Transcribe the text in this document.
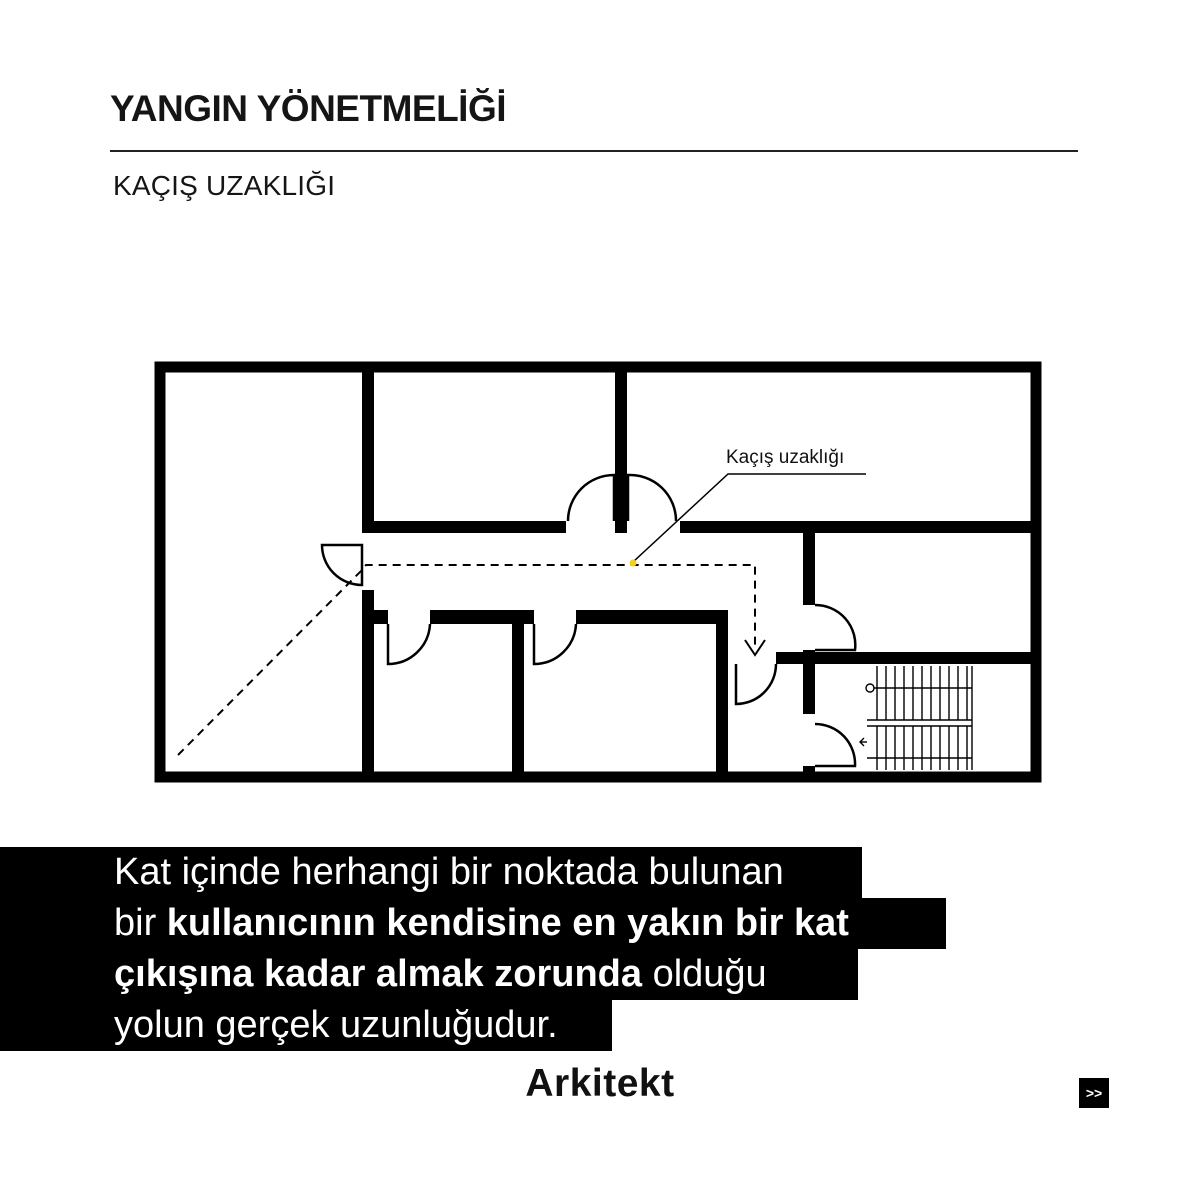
YANGIN YÖNETMELİĞİ
KAÇIŞ UZAKLIĞI
Kaçış uzaklığı
Kat içinde herhangi bir noktada bulunan
bir kullanıcının kendisine en yakın bir kat
çıkışına kadar almak zorunda olduğu
yolun gerçek uzunluğudur.
Arkitekt	>>
